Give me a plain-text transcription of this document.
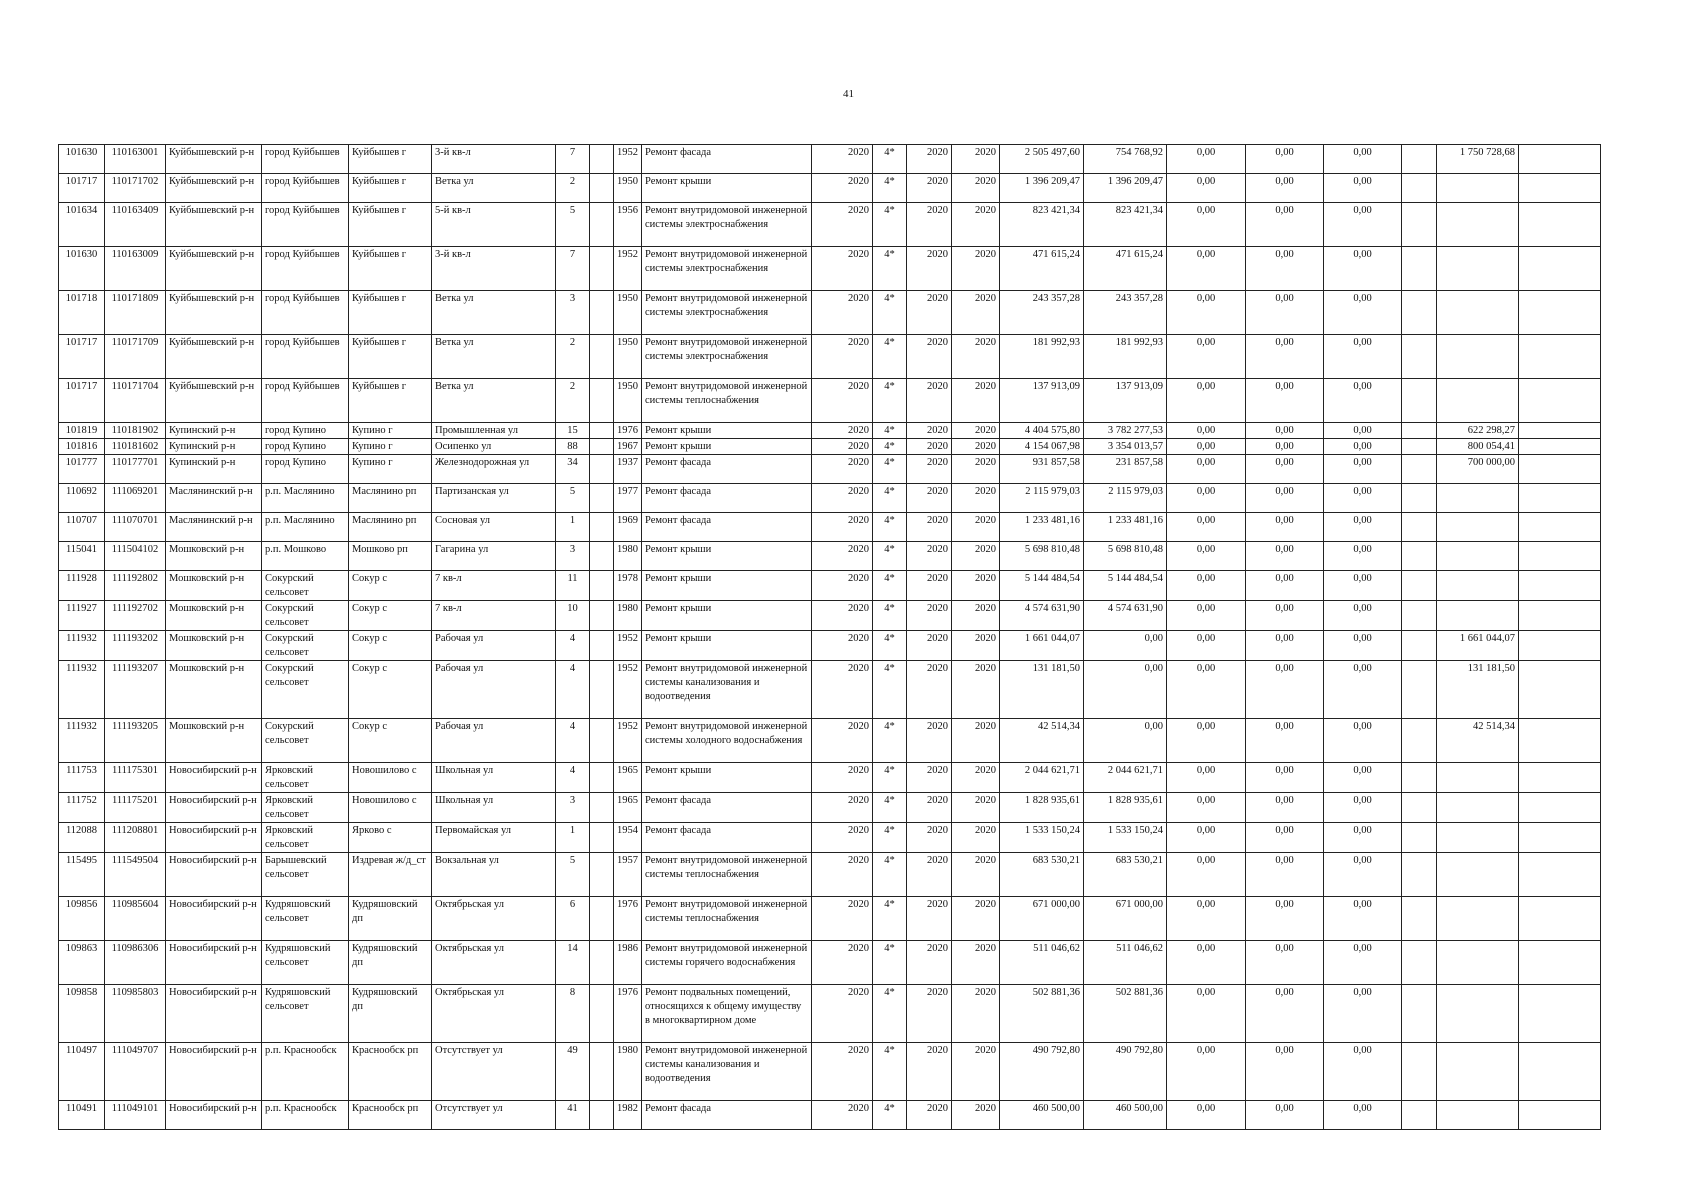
41
101630	110163001	Куйбышевский р-н	город Куйбышев	Куйбышев г	3-й кв-л	7		1952	Ремонт фасада	2020	4*	2020	2020	2 505 497,60	754 768,92	0,00	0,00	0,00		1 750 728,68	
101717	110171702	Куйбышевский р-н	город Куйбышев	Куйбышев г	Ветка ул	2		1950	Ремонт крыши	2020	4*	2020	2020	1 396 209,47	1 396 209,47	0,00	0,00	0,00			
101634	110163409	Куйбышевский р-н	город Куйбышев	Куйбышев г	5-й кв-л	5		1956	Ремонт внутридомовой инженерной системы электроснабжения	2020	4*	2020	2020	823 421,34	823 421,34	0,00	0,00	0,00			
101630	110163009	Куйбышевский р-н	город Куйбышев	Куйбышев г	3-й кв-л	7		1952	Ремонт внутридомовой инженерной системы электроснабжения	2020	4*	2020	2020	471 615,24	471 615,24	0,00	0,00	0,00			
101718	110171809	Куйбышевский р-н	город Куйбышев	Куйбышев г	Ветка ул	3		1950	Ремонт внутридомовой инженерной системы электроснабжения	2020	4*	2020	2020	243 357,28	243 357,28	0,00	0,00	0,00			
101717	110171709	Куйбышевский р-н	город Куйбышев	Куйбышев г	Ветка ул	2		1950	Ремонт внутридомовой инженерной системы электроснабжения	2020	4*	2020	2020	181 992,93	181 992,93	0,00	0,00	0,00			
101717	110171704	Куйбышевский р-н	город Куйбышев	Куйбышев г	Ветка ул	2		1950	Ремонт внутридомовой инженерной системы теплоснабжения	2020	4*	2020	2020	137 913,09	137 913,09	0,00	0,00	0,00			
101819	110181902	Купинский р-н	город Купино	Купино г	Промышленная ул	15		1976	Ремонт крыши	2020	4*	2020	2020	4 404 575,80	3 782 277,53	0,00	0,00	0,00		622 298,27	
101816	110181602	Купинский р-н	город Купино	Купино г	Осипенко ул	88		1967	Ремонт крыши	2020	4*	2020	2020	4 154 067,98	3 354 013,57	0,00	0,00	0,00		800 054,41	
101777	110177701	Купинский р-н	город Купино	Купино г	Железнодорожная ул	34		1937	Ремонт фасада	2020	4*	2020	2020	931 857,58	231 857,58	0,00	0,00	0,00		700 000,00	
110692	111069201	Маслянинский р-н	р.п. Маслянино	Маслянино рп	Партизанская ул	5		1977	Ремонт фасада	2020	4*	2020	2020	2 115 979,03	2 115 979,03	0,00	0,00	0,00			
110707	111070701	Маслянинский р-н	р.п. Маслянино	Маслянино рп	Сосновая ул	1		1969	Ремонт фасада	2020	4*	2020	2020	1 233 481,16	1 233 481,16	0,00	0,00	0,00			
115041	111504102	Мошковский р-н	р.п. Мошково	Мошково рп	Гагарина ул	3		1980	Ремонт крыши	2020	4*	2020	2020	5 698 810,48	5 698 810,48	0,00	0,00	0,00			
111928	111192802	Мошковский р-н	Сокурский сельсовет	Сокур с	7 кв-л	11		1978	Ремонт крыши	2020	4*	2020	2020	5 144 484,54	5 144 484,54	0,00	0,00	0,00			
111927	111192702	Мошковский р-н	Сокурский сельсовет	Сокур с	7 кв-л	10		1980	Ремонт крыши	2020	4*	2020	2020	4 574 631,90	4 574 631,90	0,00	0,00	0,00			
111932	111193202	Мошковский р-н	Сокурский сельсовет	Сокур с	Рабочая ул	4		1952	Ремонт крыши	2020	4*	2020	2020	1 661 044,07	0,00	0,00	0,00	0,00		1 661 044,07	
111932	111193207	Мошковский р-н	Сокурский сельсовет	Сокур с	Рабочая ул	4		1952	Ремонт внутридомовой инженерной системы канализования и водоотведения	2020	4*	2020	2020	131 181,50	0,00	0,00	0,00	0,00		131 181,50	
111932	111193205	Мошковский р-н	Сокурский сельсовет	Сокур с	Рабочая ул	4		1952	Ремонт внутридомовой инженерной системы холодного водоснабжения	2020	4*	2020	2020	42 514,34	0,00	0,00	0,00	0,00		42 514,34	
111753	111175301	Новосибирский р-н	Ярковский сельсовет	Новошилово с	Школьная ул	4		1965	Ремонт крыши	2020	4*	2020	2020	2 044 621,71	2 044 621,71	0,00	0,00	0,00			
111752	111175201	Новосибирский р-н	Ярковский сельсовет	Новошилово с	Школьная ул	3		1965	Ремонт фасада	2020	4*	2020	2020	1 828 935,61	1 828 935,61	0,00	0,00	0,00			
112088	111208801	Новосибирский р-н	Ярковский сельсовет	Ярково с	Первомайская ул	1		1954	Ремонт фасада	2020	4*	2020	2020	1 533 150,24	1 533 150,24	0,00	0,00	0,00			
115495	111549504	Новосибирский р-н	Барышевский сельсовет	Издревая ж/д_ст	Вокзальная ул	5		1957	Ремонт внутридомовой инженерной системы теплоснабжения	2020	4*	2020	2020	683 530,21	683 530,21	0,00	0,00	0,00			
109856	110985604	Новосибирский р-н	Кудряшовский сельсовет	Кудряшовский дп	Октябрьская ул	6		1976	Ремонт внутридомовой инженерной системы теплоснабжения	2020	4*	2020	2020	671 000,00	671 000,00	0,00	0,00	0,00			
109863	110986306	Новосибирский р-н	Кудряшовский сельсовет	Кудряшовский дп	Октябрьская ул	14		1986	Ремонт внутридомовой инженерной системы горячего водоснабжения	2020	4*	2020	2020	511 046,62	511 046,62	0,00	0,00	0,00			
109858	110985803	Новосибирский р-н	Кудряшовский сельсовет	Кудряшовский дп	Октябрьская ул	8		1976	Ремонт подвальных помещений, относящихся к общему имуществу в многоквартирном доме	2020	4*	2020	2020	502 881,36	502 881,36	0,00	0,00	0,00			
110497	111049707	Новосибирский р-н	р.п. Краснообск	Краснообск рп	Отсутствует ул	49		1980	Ремонт внутридомовой инженерной системы канализования и водоотведения	2020	4*	2020	2020	490 792,80	490 792,80	0,00	0,00	0,00			
110491	111049101	Новосибирский р-н	р.п. Краснообск	Краснообск рп	Отсутствует ул	41		1982	Ремонт фасада	2020	4*	2020	2020	460 500,00	460 500,00	0,00	0,00	0,00			
